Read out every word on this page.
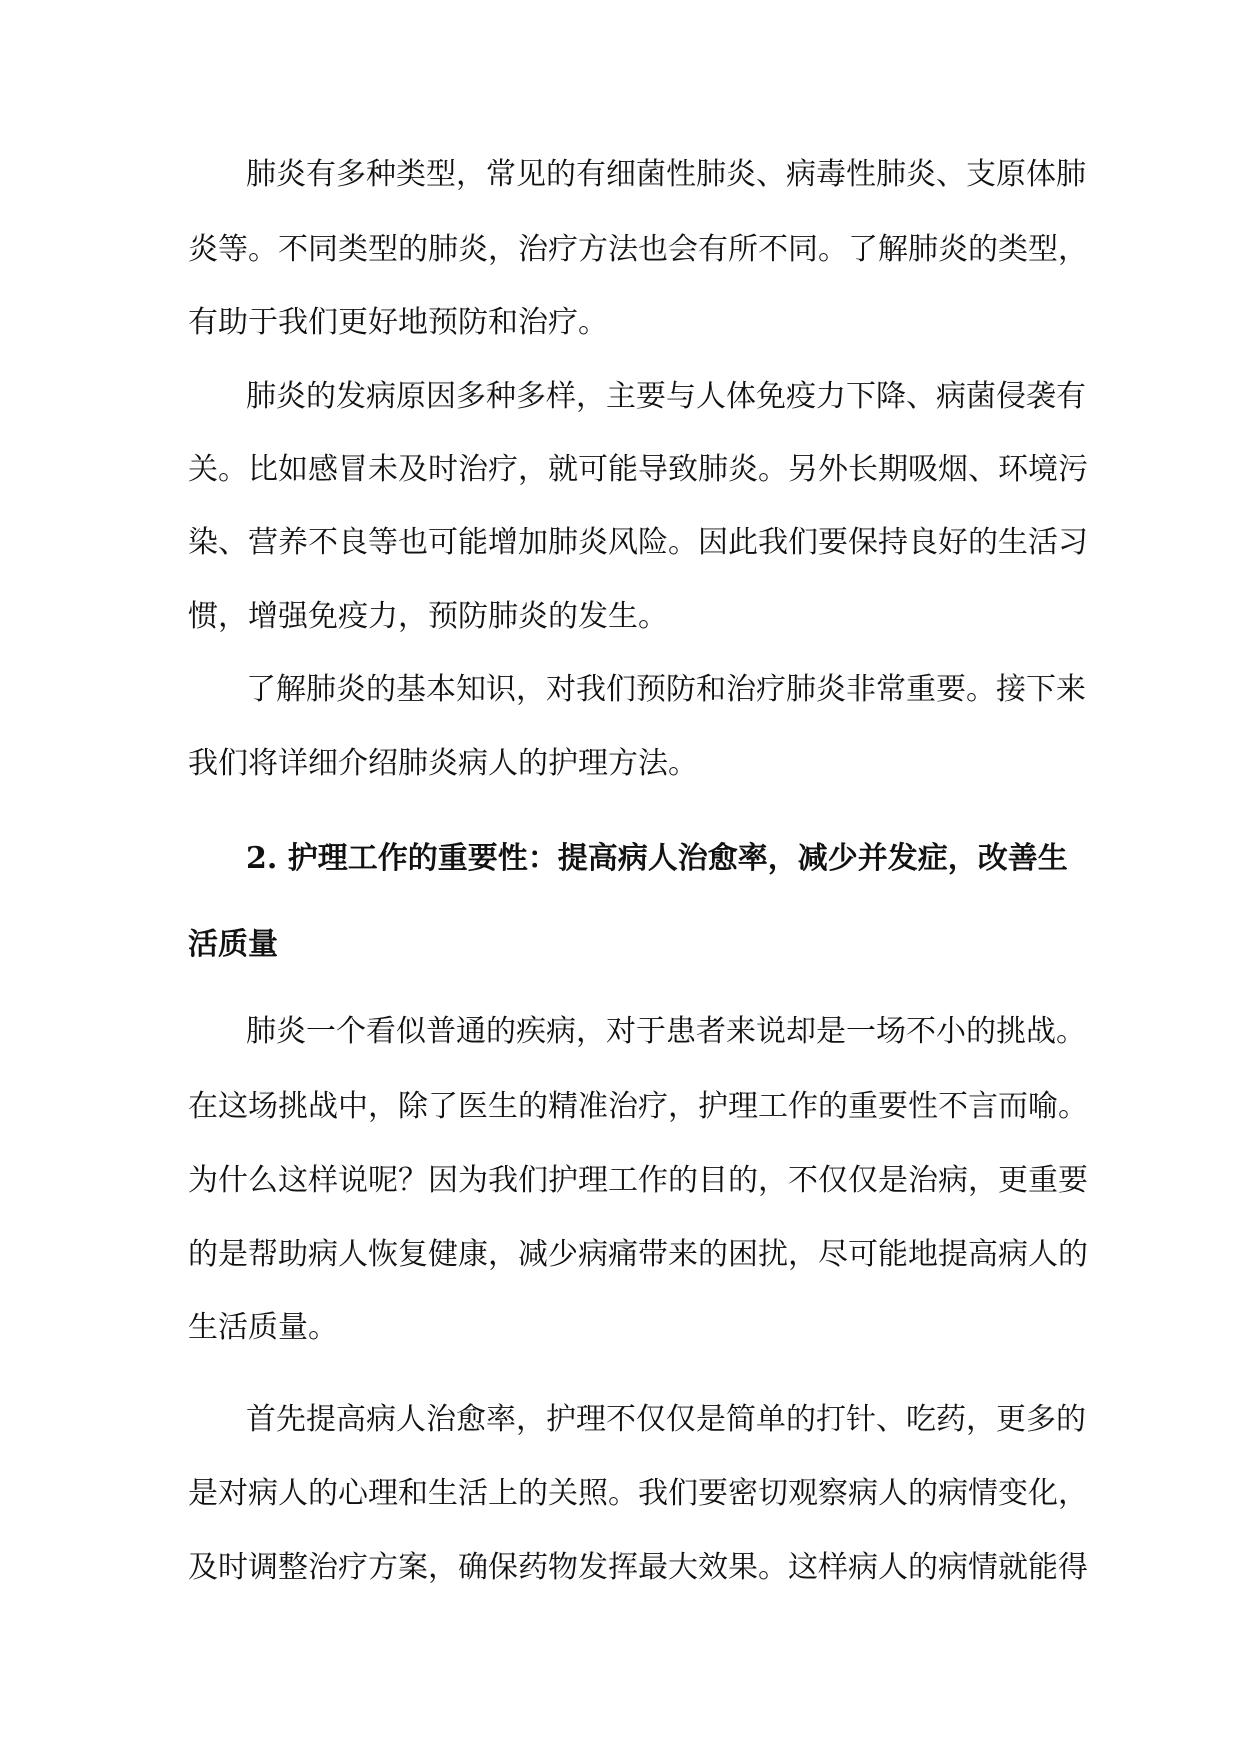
肺炎有多种类型，常见的有细菌性肺炎、病毒性肺炎、支原体肺
炎等。不同类型的肺炎，治疗方法也会有所不同。了解肺炎的类型，
有助于我们更好地预防和治疗。
肺炎的发病原因多种多样，主要与人体免疫力下降、病菌侵袭有
关。比如感冒未及时治疗，就可能导致肺炎。另外长期吸烟、环境污
染、营养不良等也可能增加肺炎风险。因此我们要保持良好的生活习
惯，增强免疫力，预防肺炎的发生。
了解肺炎的基本知识，对我们预防和治疗肺炎非常重要。接下来
我们将详细介绍肺炎病人的护理方法。
2. 护理工作的重要性：提高病人治愈率，减少并发症，改善生
活质量
肺炎一个看似普通的疾病，对于患者来说却是一场不小的挑战。
在这场挑战中，除了医生的精准治疗，护理工作的重要性不言而喻。
为什么这样说呢？因为我们护理工作的目的，不仅仅是治病，更重要
的是帮助病人恢复健康，减少病痛带来的困扰，尽可能地提高病人的
生活质量。
首先提高病人治愈率，护理不仅仅是简单的打针、吃药，更多的
是对病人的心理和生活上的关照。我们要密切观察病人的病情变化，
及时调整治疗方案，确保药物发挥最大效果。这样病人的病情就能得
